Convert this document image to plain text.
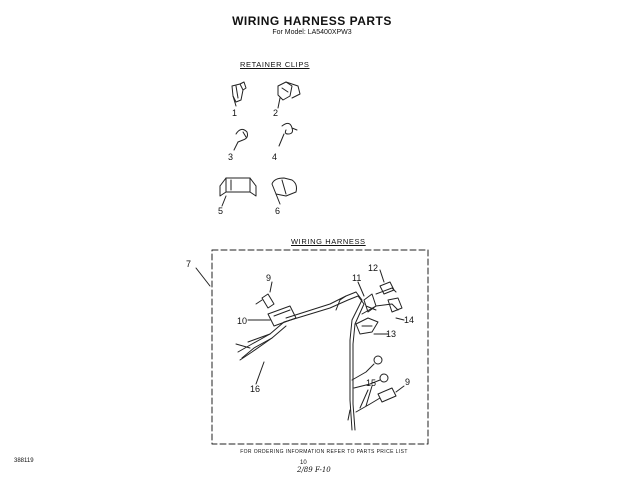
WIRING HARNESS PARTS
For Model: LA5400XPW3
RETAINER CLIPS
1	2
3	4
5	6
WIRING HARNESS
7
9
10
11
12
14
13
15	9
16
FOR ORDERING INFORMATION REFER TO PARTS PRICE LIST
388119	10
2/89 F-10
